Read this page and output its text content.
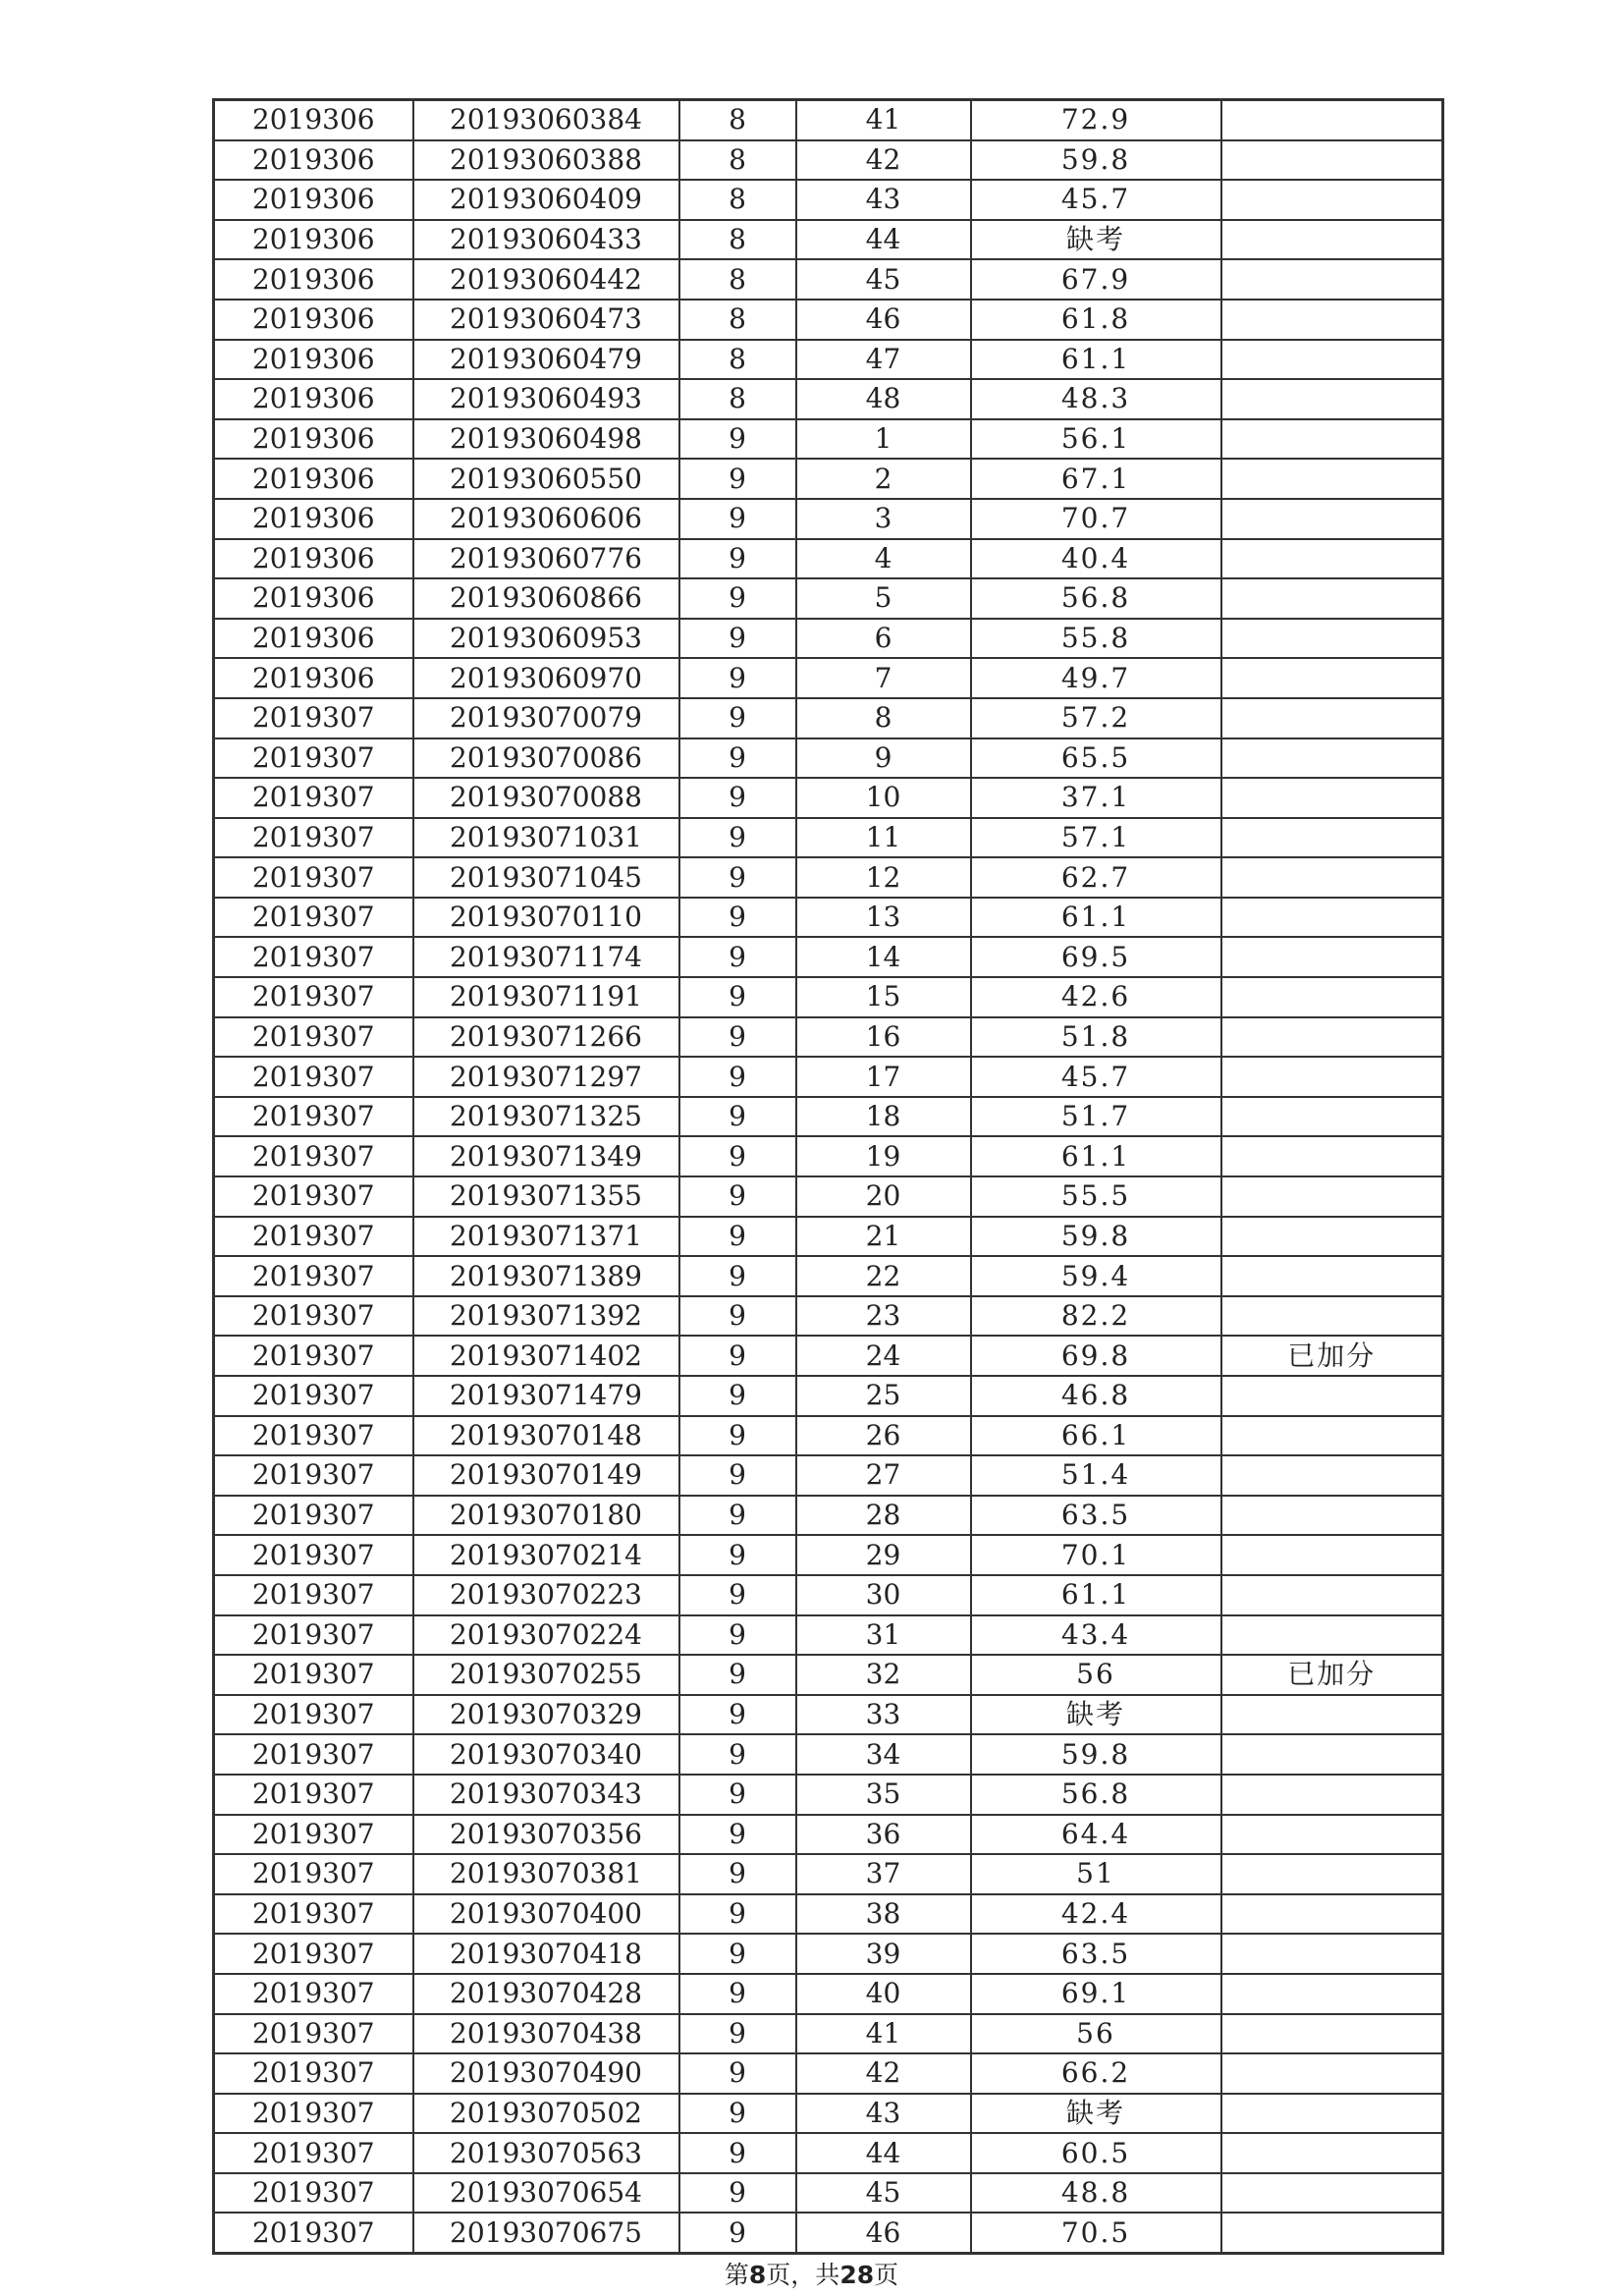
2019306	20193060384	8	41	72.9	
2019306	20193060388	8	42	59.8	
2019306	20193060409	8	43	45.7	
2019306	20193060433	8	44	缺考	
2019306	20193060442	8	45	67.9	
2019306	20193060473	8	46	61.8	
2019306	20193060479	8	47	61.1	
2019306	20193060493	8	48	48.3	
2019306	20193060498	9	1	56.1	
2019306	20193060550	9	2	67.1	
2019306	20193060606	9	3	70.7	
2019306	20193060776	9	4	40.4	
2019306	20193060866	9	5	56.8	
2019306	20193060953	9	6	55.8	
2019306	20193060970	9	7	49.7	
2019307	20193070079	9	8	57.2	
2019307	20193070086	9	9	65.5	
2019307	20193070088	9	10	37.1	
2019307	20193071031	9	11	57.1	
2019307	20193071045	9	12	62.7	
2019307	20193070110	9	13	61.1	
2019307	20193071174	9	14	69.5	
2019307	20193071191	9	15	42.6	
2019307	20193071266	9	16	51.8	
2019307	20193071297	9	17	45.7	
2019307	20193071325	9	18	51.7	
2019307	20193071349	9	19	61.1	
2019307	20193071355	9	20	55.5	
2019307	20193071371	9	21	59.8	
2019307	20193071389	9	22	59.4	
2019307	20193071392	9	23	82.2	
2019307	20193071402	9	24	69.8	已加分
2019307	20193071479	9	25	46.8	
2019307	20193070148	9	26	66.1	
2019307	20193070149	9	27	51.4	
2019307	20193070180	9	28	63.5	
2019307	20193070214	9	29	70.1	
2019307	20193070223	9	30	61.1	
2019307	20193070224	9	31	43.4	
2019307	20193070255	9	32	56	已加分
2019307	20193070329	9	33	缺考	
2019307	20193070340	9	34	59.8	
2019307	20193070343	9	35	56.8	
2019307	20193070356	9	36	64.4	
2019307	20193070381	9	37	51	
2019307	20193070400	9	38	42.4	
2019307	20193070418	9	39	63.5	
2019307	20193070428	9	40	69.1	
2019307	20193070438	9	41	56	
2019307	20193070490	9	42	66.2	
2019307	20193070502	9	43	缺考	
2019307	20193070563	9	44	60.5	
2019307	20193070654	9	45	48.8	
2019307	20193070675	9	46	70.5	
第8页，共28页
